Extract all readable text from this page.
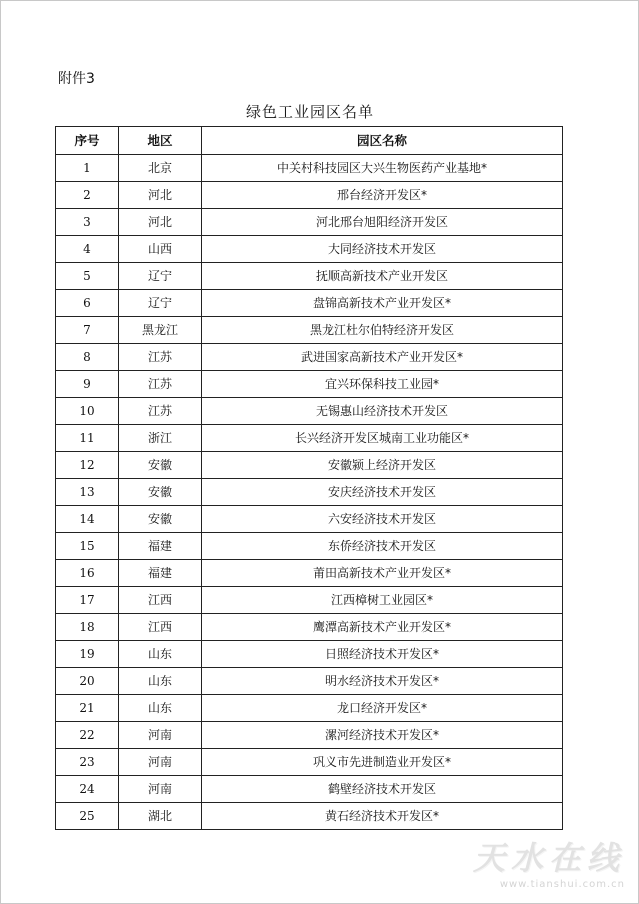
附件3
绿色工业园区名单
序号	地区	园区名称
1	北京	中关村科技园区大兴生物医药产业基地*
2	河北	邢台经济开发区*
3	河北	河北邢台旭阳经济开发区
4	山西	大同经济技术开发区
5	辽宁	抚顺高新技术产业开发区
6	辽宁	盘锦高新技术产业开发区*
7	黑龙江	黑龙江杜尔伯特经济开发区
8	江苏	武进国家高新技术产业开发区*
9	江苏	宜兴环保科技工业园*
10	江苏	无锡惠山经济技术开发区
11	浙江	长兴经济开发区城南工业功能区*
12	安徽	安徽颍上经济开发区
13	安徽	安庆经济技术开发区
14	安徽	六安经济技术开发区
15	福建	东侨经济技术开发区
16	福建	莆田高新技术产业开发区*
17	江西	江西樟树工业园区*
18	江西	鹰潭高新技术产业开发区*
19	山东	日照经济技术开发区*
20	山东	明水经济技术开发区*
21	山东	龙口经济开发区*
22	河南	漯河经济技术开发区*
23	河南	巩义市先进制造业开发区*
24	河南	鹤壁经济技术开发区
25	湖北	黄石经济技术开发区*
天水在线
www.tianshui.com.cn
